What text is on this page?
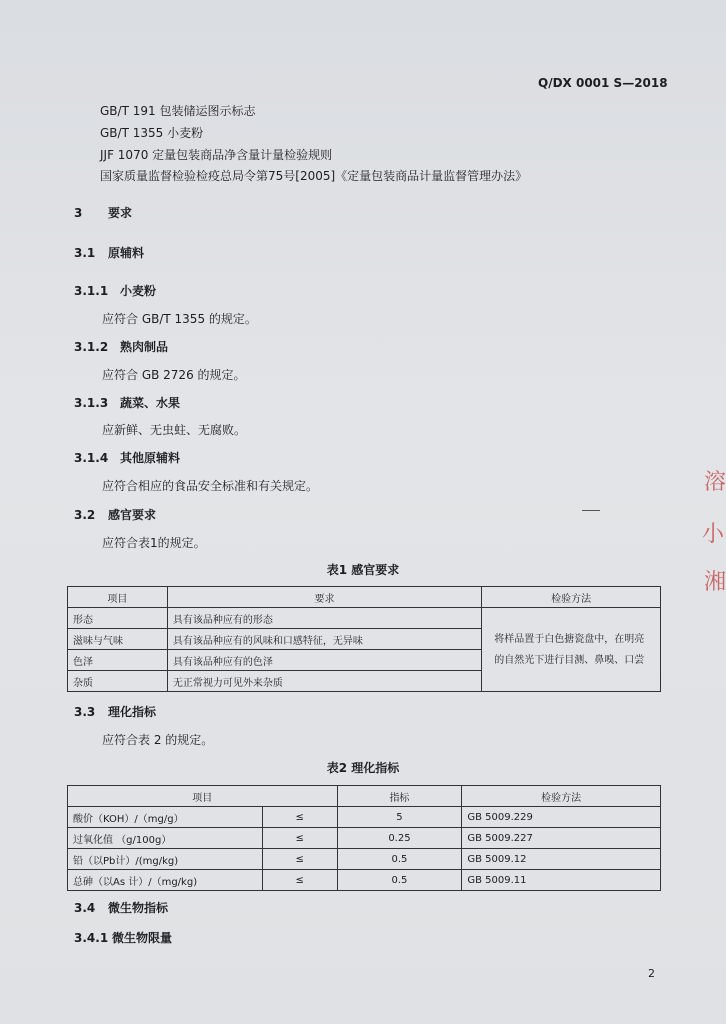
Q/DX 0001 S—2018
GB/T 191 包装储运图示标志
GB/T 1355 小麦粉
JJF 1070 定量包装商品净含量计量检验规则
国家质量监督检验检疫总局令第75号[2005]《定量包装商品计量监督管理办法》
3 要求
3.1 原辅料
3.1.1 小麦粉
应符合 GB/T 1355 的规定。
3.1.2 熟肉制品
应符合 GB 2726 的规定。
3.1.3 蔬菜、水果
应新鲜、无虫蛀、无腐败。
3.1.4 其他原辅料
应符合相应的食品安全标准和有关规定。
3.2 感官要求
应符合表1的规定。
表1 感官要求
项目	要求	检验方法
形态	具有该品种应有的形态	将样品置于白色搪瓷盘中，在明亮的自然光下进行目测、鼻嗅、口尝
滋味与气味	具有该品种应有的风味和口感特征，无异味	
色泽	具有该品种应有的色泽	
杂质	无正常视力可见外来杂质	
3.3 理化指标
应符合表 2 的规定。
表2 理化指标
项目		指标	检验方法
酸价（KOH）/（mg/g）	≤	5	GB 5009.229
过氧化值 （g/100g）	≤	0.25	GB 5009.227
铅（以Pb计）/(mg/kg)	≤	0.5	GB 5009.12
总砷（以As 计）/（mg/kg)	≤	0.5	GB 5009.11
3.4 微生物指标
3.4.1 微生物限量
2
溶
小
湘
